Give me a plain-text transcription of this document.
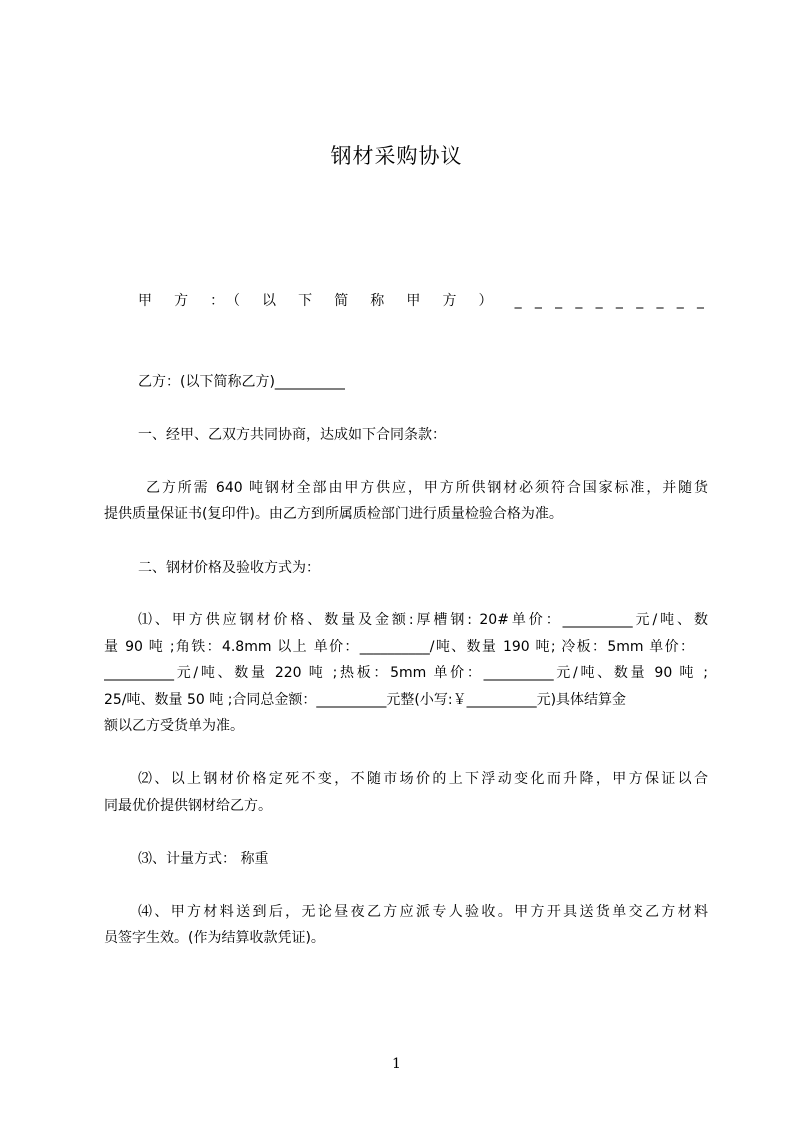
钢材采购协议
甲 方 ：（ 以 下 简 称 甲 方 ） _ _ _ _ _ _ _ _ _ _
乙方：(以下简称乙方)__________
一、经甲、乙双方共同协商，达成如下合同条款：
乙方所需 640 吨钢材全部由甲方供应，甲方所供钢材必须符合国家标准，并随货
提供质量保证书(复印件)。由乙方到所属质检部门进行质量检验合格为准。
二、钢材价格及验收方式为：
⑴、甲方供应钢材价格、数量及金额:厚槽钢: 20#单价：__________元/吨、数
量 90 吨 ;角铁：4.8mm 以上 单价：__________/吨、数量 190 吨; 冷板：5mm 单价：
__________元/吨、数量 220 吨 ;热板：5mm 单价：__________元/吨、数量 90 吨 ;
25/吨、数量 50 吨 ;合同总金额：__________元整(小写:￥__________元)具体结算金
额以乙方受货单为准。
⑵、以上钢材价格定死不变，不随市场价的上下浮动变化而升降，甲方保证以合
同最优价提供钢材给乙方。
⑶、计量方式： 称重
⑷、甲方材料送到后，无论昼夜乙方应派专人验收。甲方开具送货单交乙方材料
员签字生效。(作为结算收款凭证)。
1
